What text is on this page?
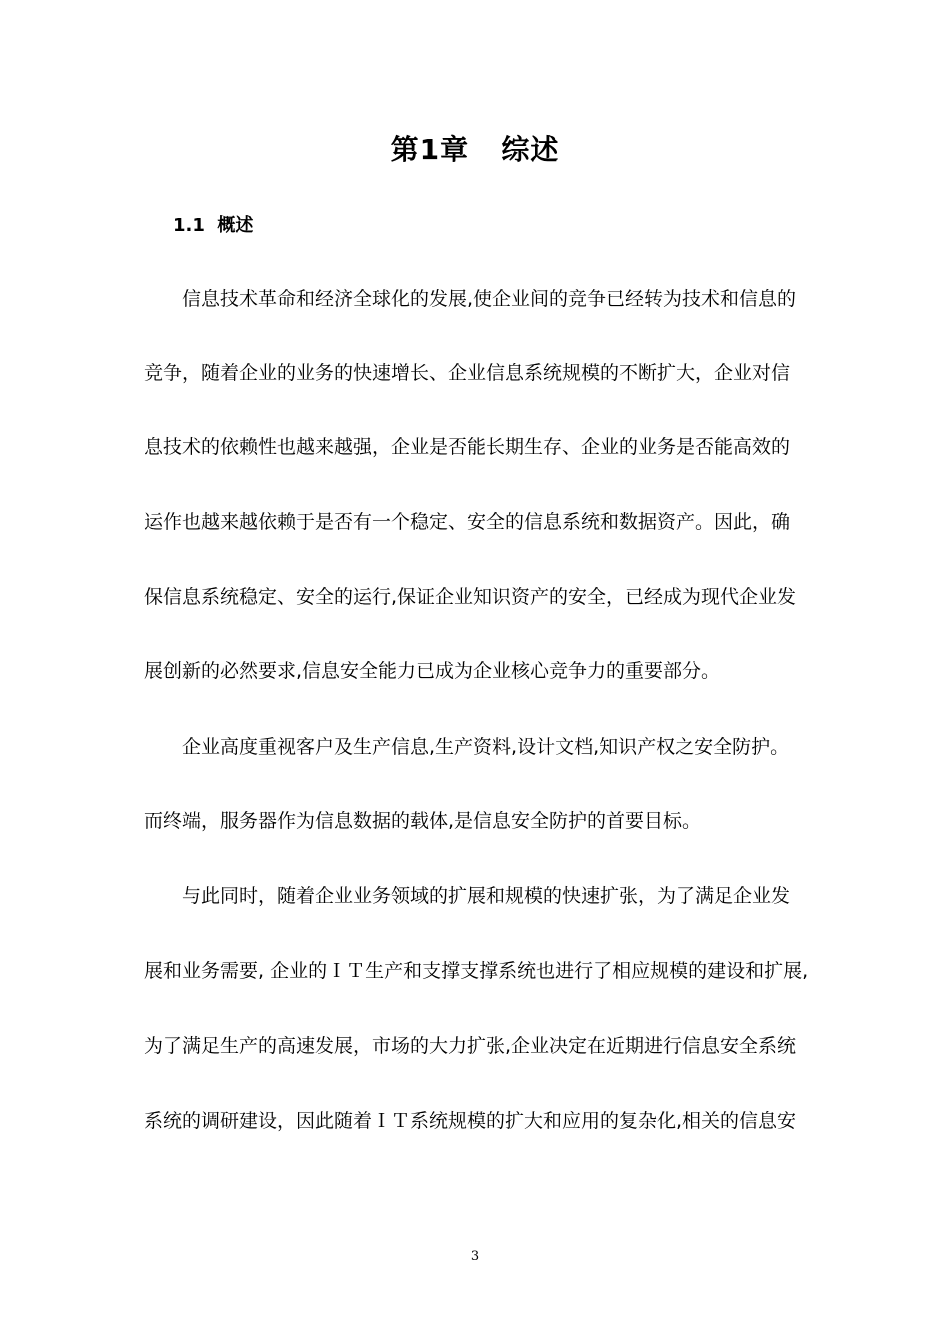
第1章   综述
1.1  概述
信息技术革命和经济全球化的发展,使企业间的竞争已经转为技术和信息的
竞争，随着企业的业务的快速增长、企业信息系统规模的不断扩大，企业对信
息技术的依赖性也越来越强，企业是否能长期生存、企业的业务是否能高效的
运作也越来越依赖于是否有一个稳定、安全的信息系统和数据资产。因此，确
保信息系统稳定、安全的运行,保证企业知识资产的安全，已经成为现代企业发
展创新的必然要求,信息安全能力已成为企业核心竞争力的重要部分。
企业高度重视客户及生产信息,生产资料,设计文档,知识产权之安全防护。
而终端，服务器作为信息数据的载体,是信息安全防护的首要目标。
与此同时，随着企业业务领域的扩展和规模的快速扩张，为了满足企业发
展和业务需要, 企业的ＩＴ生产和支撑支撑系统也进行了相应规模的建设和扩展,
为了满足生产的高速发展，市场的大力扩张,企业决定在近期进行信息安全系统
系统的调研建设，因此随着ＩＴ系统规模的扩大和应用的复杂化,相关的信息安
3
